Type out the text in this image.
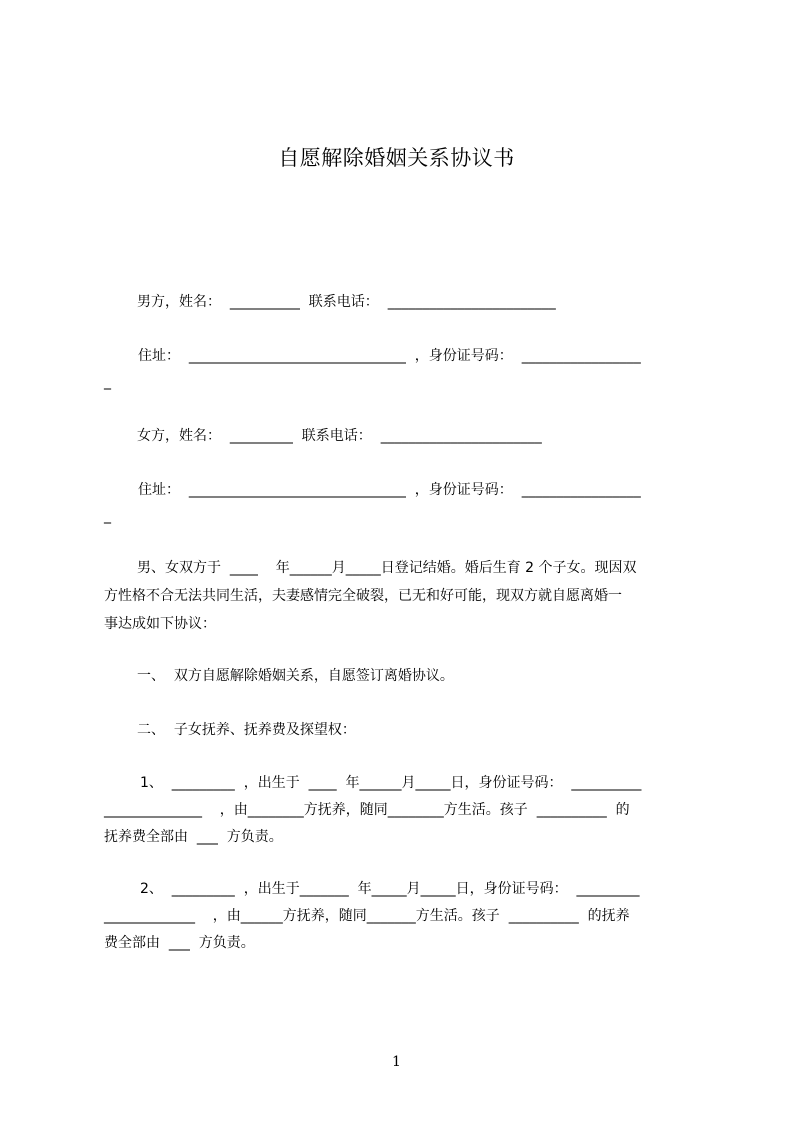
自愿解除婚姻关系协议书
男方，姓名：  __________  联系电话：  ________________________
住址：  _______________________________  ，身份证号码：  _________________
_
女方，姓名：  _________  联系电话：  _______________________
住址：  _______________________________  ，身份证号码：  _________________
_
男、女双方于  ____    年______月_____日登记结婚。婚后生育 2 个子女。现因双
方性格不合无法共同生活，夫妻感情完全破裂，已无和好可能，现双方就自愿离婚一
事达成如下协议：
一、  双方自愿解除婚姻关系，自愿签订离婚协议。
二、  子女抚养、抚养费及探望权：
1、  _________  ，出生于  ____  年______月_____日，身份证号码：  __________
______________    ，由________方抚养，随同________方生活。孩子  __________  的
抚养费全部由  ___  方负责。
2、  _________  ，出生于_______  年_____月_____日，身份证号码：  _________
_____________    ，由______方抚养，随同_______方生活。孩子  __________  的抚养
费全部由  ___  方负责。
1
